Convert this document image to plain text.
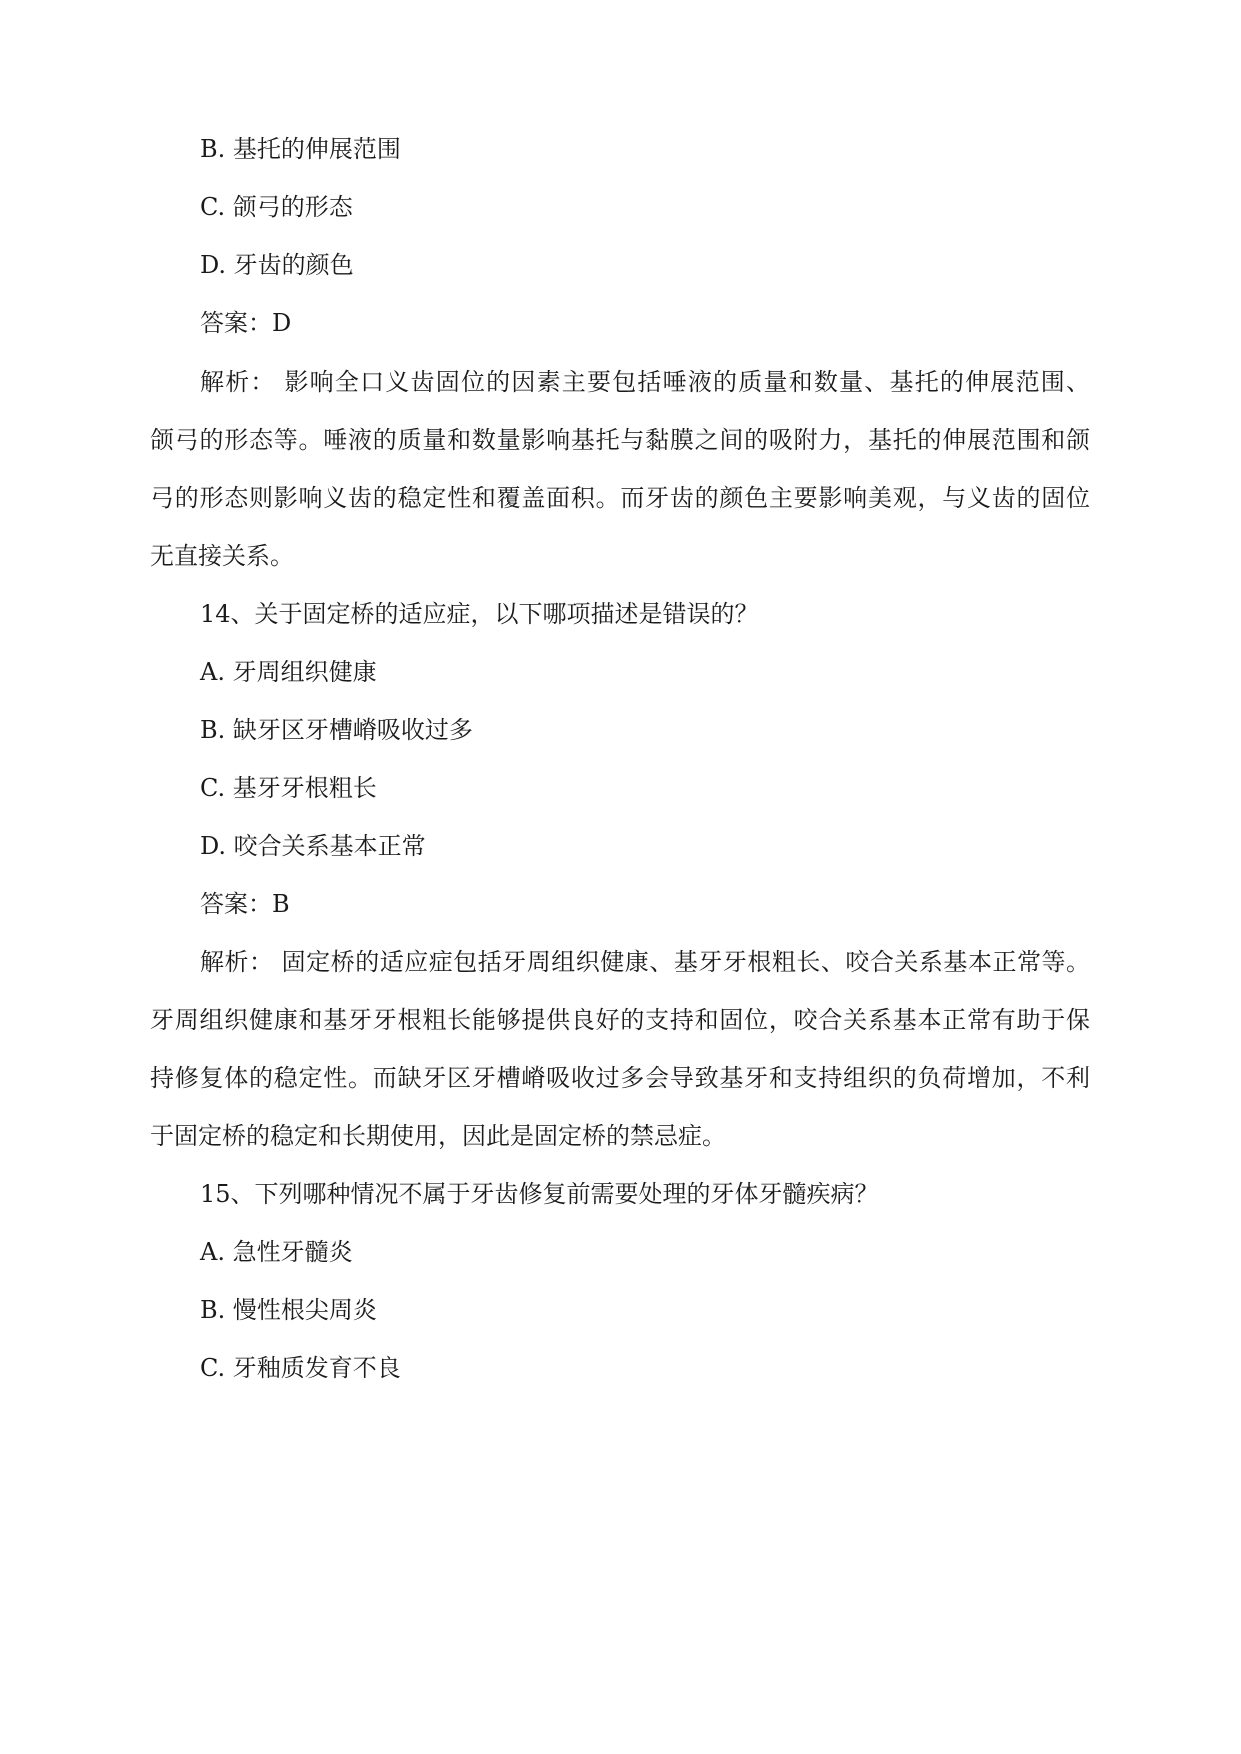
B. 基托的伸展范围
C. 颌弓的形态
D. 牙齿的颜色
答案：D
解析： 影响全口义齿固位的因素主要包括唾液的质量和数量、基托的伸展范围、
颌弓的形态等。唾液的质量和数量影响基托与黏膜之间的吸附力，基托的伸展范围和颌
弓的形态则影响义齿的稳定性和覆盖面积。而牙齿的颜色主要影响美观，与义齿的固位
无直接关系。
14、关于固定桥的适应症，以下哪项描述是错误的？
A. 牙周组织健康
B. 缺牙区牙槽嵴吸收过多
C. 基牙牙根粗长
D. 咬合关系基本正常
答案：B
解析： 固定桥的适应症包括牙周组织健康、基牙牙根粗长、咬合关系基本正常等。
牙周组织健康和基牙牙根粗长能够提供良好的支持和固位，咬合关系基本正常有助于保
持修复体的稳定性。而缺牙区牙槽嵴吸收过多会导致基牙和支持组织的负荷增加，不利
于固定桥的稳定和长期使用，因此是固定桥的禁忌症。
15、下列哪种情况不属于牙齿修复前需要处理的牙体牙髓疾病？
A. 急性牙髓炎
B. 慢性根尖周炎
C. 牙釉质发育不良
